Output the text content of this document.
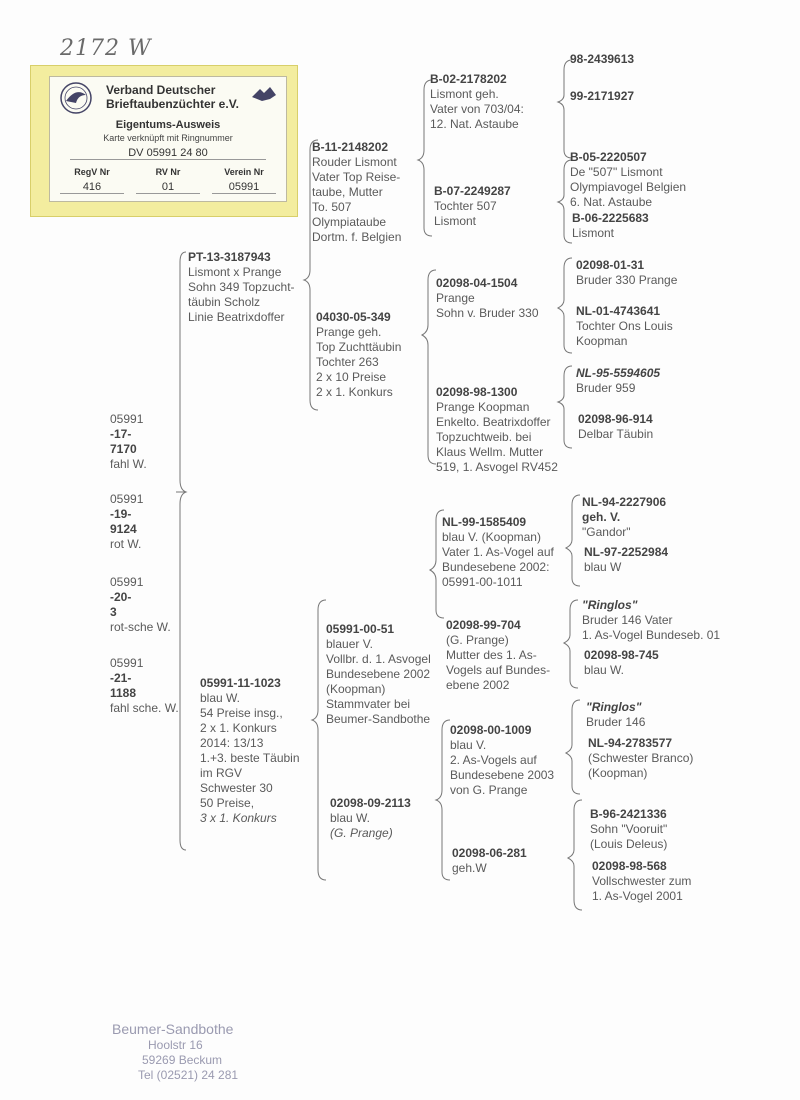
2172 W
Verband Deutscher
Brieftaubenzüchter e.V.
Eigentums-Ausweis
Karte verknüpft mit Ringnummer
DV 05991 24 80
RegV Nr
416
RV Nr
01
Verein Nr
05991
05991
-17-
7170
fahl W.
05991
-19-
9124
rot W.
05991
-20-
3
rot-sche W.
05991
-21-
1188
fahl sche. W.
PT-13-3187943
Lismont x Prange
Sohn 349 Topzucht-
täubin Scholz
Linie Beatrixdoffer
05991-11-1023
blau W.
54 Preise insg.,
2 x 1. Konkurs
2014: 13/13
1.+3. beste Täubin
im RGV
Schwester 30
50 Preise,
3 x 1. Konkurs
B-11-2148202
Rouder Lismont
Vater Top Reise-
taube, Mutter
To. 507
Olympiataube
Dortm. f. Belgien
04030-05-349
Prange geh.
Top Zuchttäubin
Tochter 263
2 x 10 Preise
2 x 1. Konkurs
05991-00-51
blauer V.
Vollbr. d. 1. Asvogel
Bundesebene 2002
(Koopman)
Stammvater bei
Beumer-Sandbothe
02098-09-2113
blau W.
(G. Prange)
B-02-2178202
Lismont geh.
Vater von 703/04:
12. Nat. Astaube
B-07-2249287
Tochter 507
Lismont
02098-04-1504
Prange
Sohn v. Bruder 330
02098-98-1300
Prange Koopman
Enkelto. Beatrixdoffer
Topzuchtweib. bei
Klaus Wellm. Mutter
519, 1. Asvogel RV452
NL-99-1585409
blau V. (Koopman)
Vater 1. As-Vogel auf
Bundesebene 2002:
05991-00-1011
02098-99-704
(G. Prange)
Mutter des 1. As-
Vogels auf Bundes-
ebene 2002
02098-00-1009
blau V.
2. As-Vogels auf
Bundesebene 2003
von G. Prange
02098-06-281
geh.W
98-2439613
99-2171927
B-05-2220507
De "507" Lismont
Olympiavogel Belgien
6. Nat. Astaube
B-06-2225683
Lismont
02098-01-31
Bruder 330 Prange
NL-01-4743641
Tochter Ons Louis
Koopman
NL-95-5594605
Bruder 959
02098-96-914
Delbar Täubin
NL-94-2227906
geh. V.
"Gandor"
NL-97-2252984
blau W
"Ringlos"
Bruder 146 Vater
1. As-Vogel Bundeseb. 01
02098-98-745
blau W.
"Ringlos"
Bruder 146
NL-94-2783577
(Schwester Branco)
(Koopman)
B-96-2421336
Sohn "Vooruit"
(Louis Deleus)
02098-98-568
Vollschwester zum
1. As-Vogel 2001
Beumer-Sandbothe
Hoolstr 16
59269 Beckum
Tel (02521) 24 281
